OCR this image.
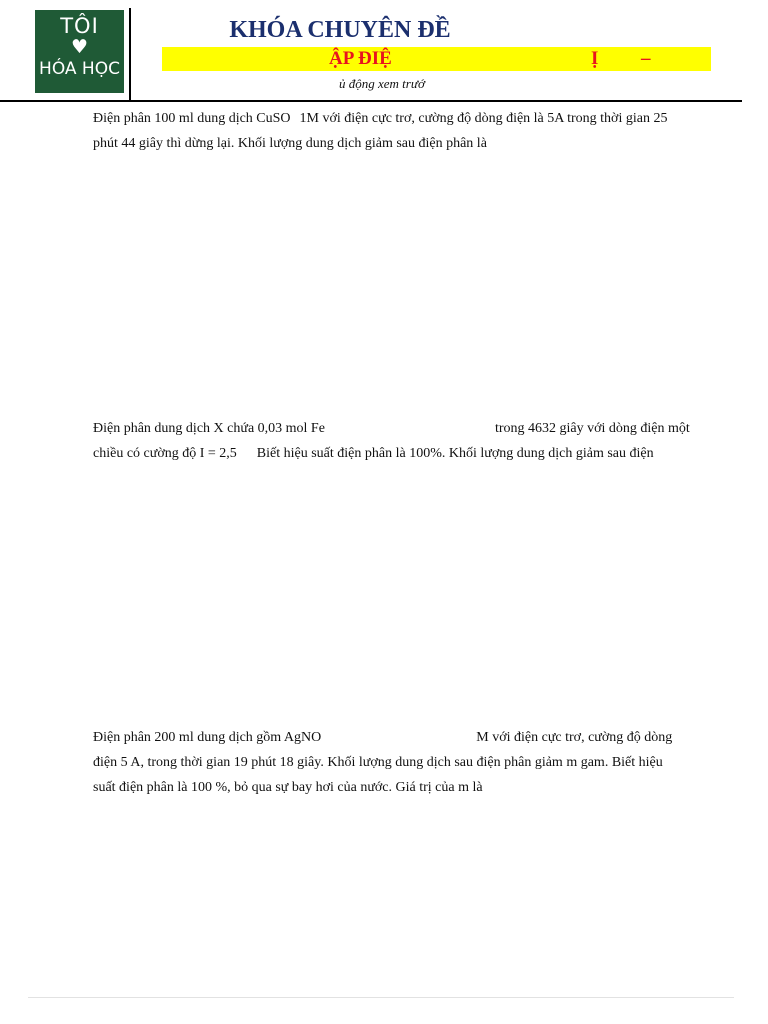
TÔI
♥
HÓA HỌC
KHÓA CHUYÊN ĐỀ
ẬP ĐIỆ	Ị –
ủ động xem trướ
Điện phân 100 ml dung dịch CuSO 1M với điện cực trơ, cường độ dòng điện là 5A trong thời gian 25
phút 44 giây thì dừng lại. Khối lượng dung dịch giảm sau điện phân là
Điện phân dung dịch X chứa 0,03 mol Fe	trong 4632 giây với dòng điện một
chiều có cường độ I = 2,5 Biết hiệu suất điện phân là 100%. Khối lượng dung dịch giảm sau điện
Điện phân 200 ml dung dịch gồm AgNO	M với điện cực trơ, cường độ dòng
điện 5 A, trong thời gian 19 phút 18 giây. Khối lượng dung dịch sau điện phân giảm m gam. Biết hiệu
suất điện phân là 100 %, bỏ qua sự bay hơi của nước. Giá trị của m là
